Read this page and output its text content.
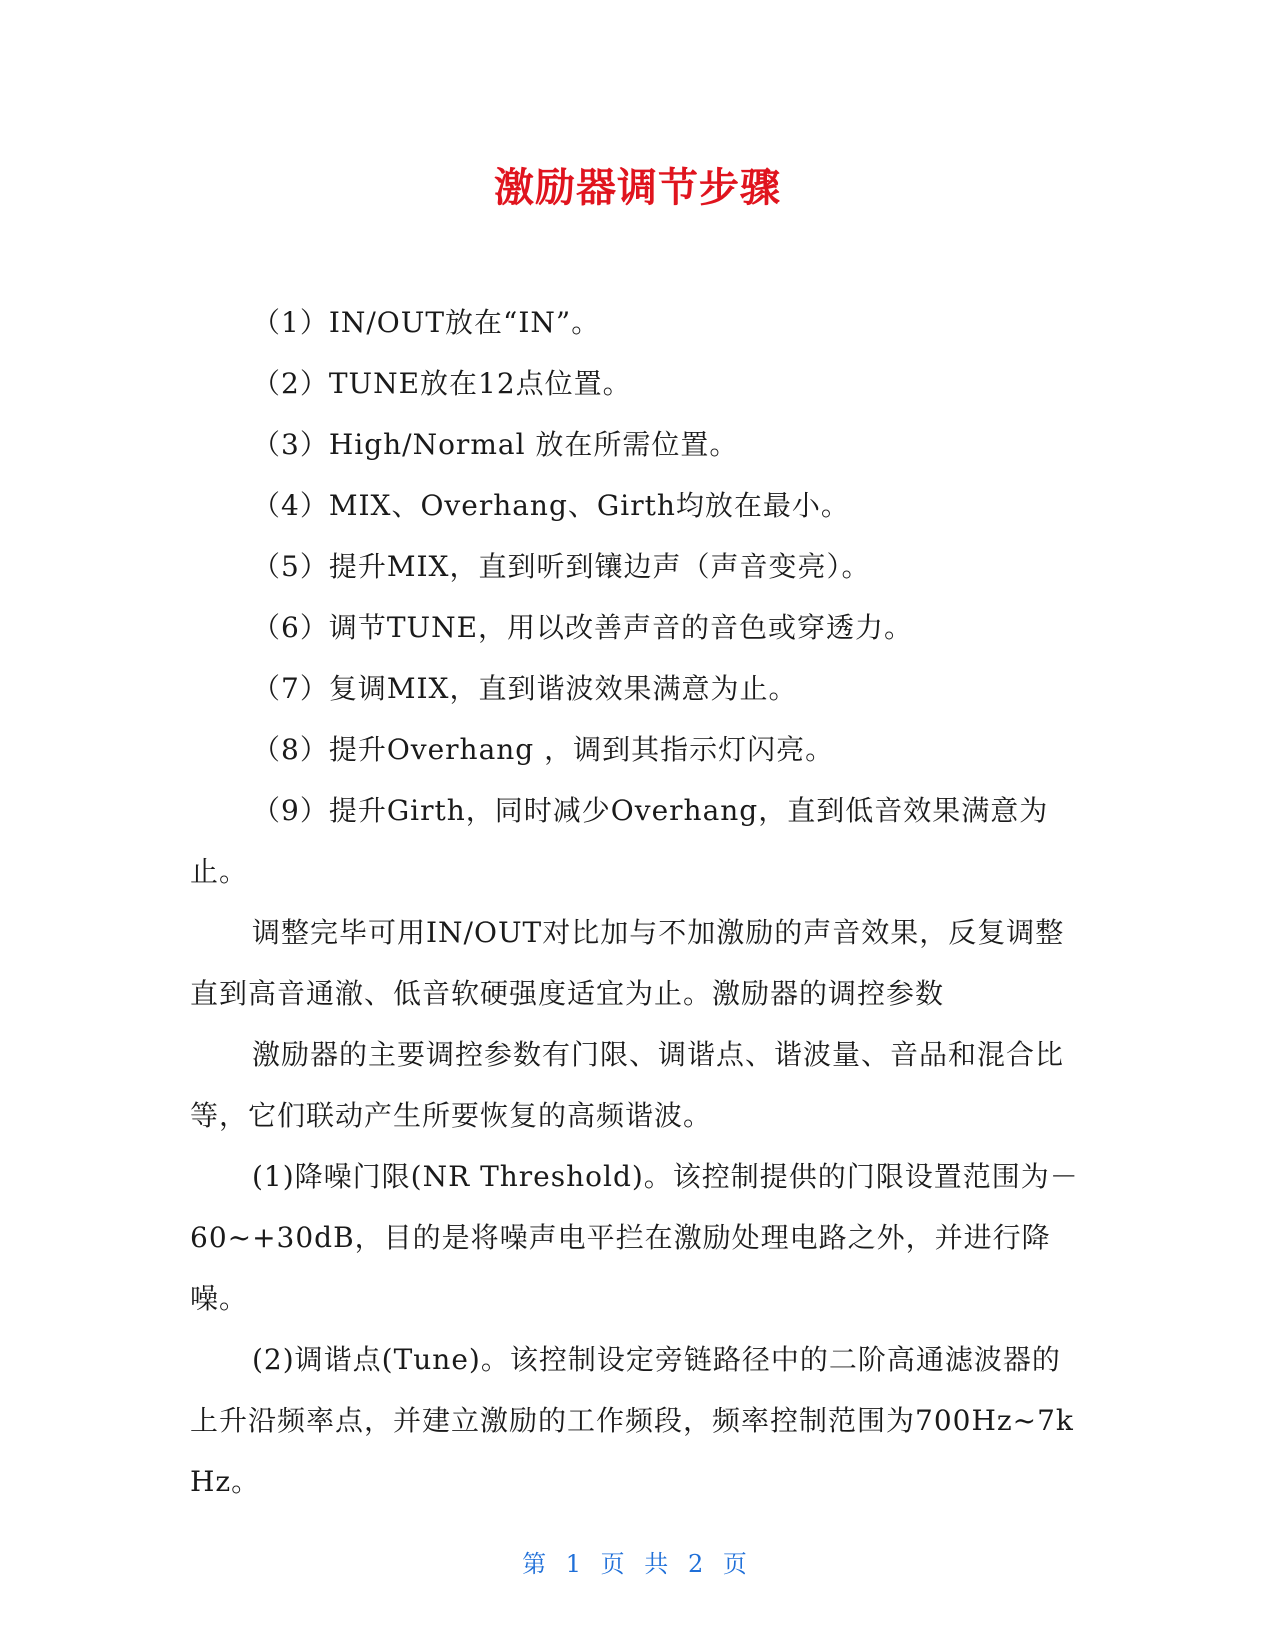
激励器调节步骤

（1）IN/OUT放在“IN”。

（2）TUNE放在12点位置。

（3）High/Normal 放在所需位置。

（4）MIX、Overhang、Girth均放在最小。

（5）提升MIX，直到听到镶边声（声音变亮）。

（6）调节TUNE，用以改善声音的音色或穿透力。

（7）复调MIX，直到谐波效果满意为止。

（8）提升Overhang ，调到其指示灯闪亮。

（9）提升Girth，同时减少Overhang，直到低音效果满意为止。

调整完毕可用IN/OUT对比加与不加激励的声音效果，反复调整直到高音通澈、低音软硬强度适宜为止。激励器的调控参数

激励器的主要调控参数有门限、调谐点、谐波量、音品和混合比等，它们联动产生所要恢复的高频谐波。

(1)降噪门限(NR Threshold)。该控制提供的门限设置范围为－60~+30dB，目的是将噪声电平拦在激励处理电路之外，并进行降噪。

(2)调谐点(Tune)。该控制设定旁链路径中的二阶高通滤波器的上升沿频率点，并建立激励的工作频段，频率控制范围为700Hz~7kHz。

第 1 页 共 2 页
